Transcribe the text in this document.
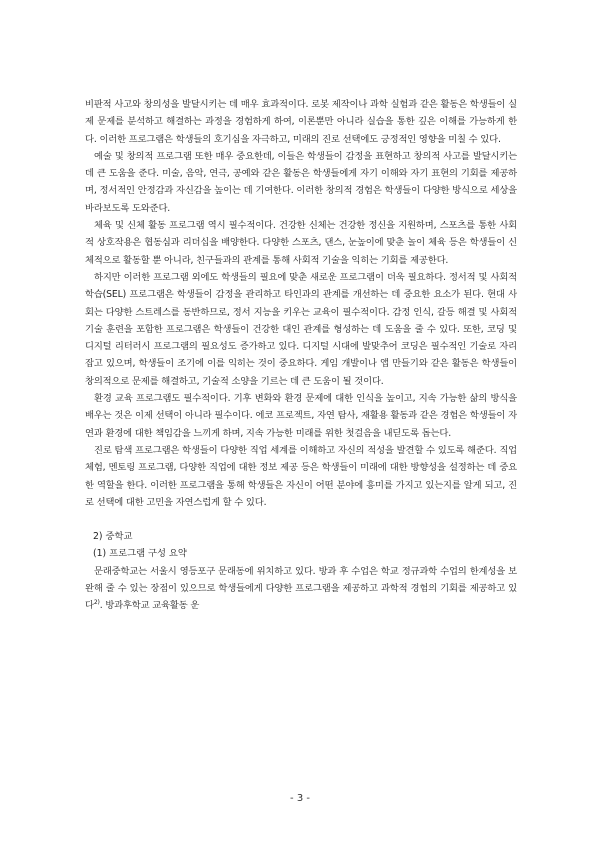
비판적 사고와 창의성을 발달시키는 데 매우 효과적이다. 로봇 제작이나 과학 실험과 같은 활동은 학생들이 실제 문제를 분석하고 해결하는 과정을 경험하게 하여, 이론뿐만 아니라 실습을 통한 깊은 이해를 가능하게 한다. 이러한 프로그램은 학생들의 호기심을 자극하고, 미래의 진로 선택에도 긍정적인 영향을 미칠 수 있다.

예술 및 창의적 프로그램 또한 매우 중요한데, 이들은 학생들이 감정을 표현하고 창의적 사고를 발달시키는 데 큰 도움을 준다. 미술, 음악, 연극, 공예와 같은 활동은 학생들에게 자기 이해와 자기 표현의 기회를 제공하며, 정서적인 안정감과 자신감을 높이는 데 기여한다. 이러한 창의적 경험은 학생들이 다양한 방식으로 세상을 바라보도록 도와준다.

체육 및 신체 활동 프로그램 역시 필수적이다. 건강한 신체는 건강한 정신을 지원하며, 스포츠를 통한 사회적 상호작용은 협동심과 리더십을 배양한다. 다양한 스포츠, 댄스, 눈높이에 맞춘 놀이 체육 등은 학생들이 신체적으로 활동할 뿐 아니라, 친구들과의 관계를 통해 사회적 기술을 익히는 기회를 제공한다.

하지만 이러한 프로그램 외에도 학생들의 필요에 맞춘 새로운 프로그램이 더욱 필요하다. 정서적 및 사회적 학습(SEL) 프로그램은 학생들이 감정을 관리하고 타인과의 관계를 개선하는 데 중요한 요소가 된다. 현대 사회는 다양한 스트레스를 동반하므로, 정서 지능을 키우는 교육이 필수적이다. 감정 인식, 갈등 해결 및 사회적 기술 훈련을 포함한 프로그램은 학생들이 건강한 대인 관계를 형성하는 데 도움을 줄 수 있다. 또한, 코딩 및 디지털 리터러시 프로그램의 필요성도 증가하고 있다. 디지털 시대에 발맞추어 코딩은 필수적인 기술로 자리 잡고 있으며, 학생들이 조기에 이를 익히는 것이 중요하다. 게임 개발이나 앱 만들기와 같은 활동은 학생들이 창의적으로 문제를 해결하고, 기술적 소양을 기르는 데 큰 도움이 될 것이다.

환경 교육 프로그램도 필수적이다. 기후 변화와 환경 문제에 대한 인식을 높이고, 지속 가능한 삶의 방식을 배우는 것은 이제 선택이 아니라 필수이다. 에코 프로젝트, 자연 탐사, 재활용 활동과 같은 경험은 학생들이 자연과 환경에 대한 책임감을 느끼게 하며, 지속 가능한 미래를 위한 첫걸음을 내딛도록 돕는다.

진로 탐색 프로그램은 학생들이 다양한 직업 세계를 이해하고 자신의 적성을 발견할 수 있도록 해준다. 직업 체험, 멘토링 프로그램, 다양한 직업에 대한 정보 제공 등은 학생들이 미래에 대한 방향성을 설정하는 데 중요한 역할을 한다. 이러한 프로그램을 통해 학생들은 자신이 어떤 분야에 흥미를 가지고 있는지를 알게 되고, 진로 선택에 대한 고민을 자연스럽게 할 수 있다.

2) 중학교

(1) 프로그램 구성 요약

문래중학교는 서울시 영등포구 문래동에 위치하고 있다. 방과 후 수업은 학교 정규과학 수업의 한계성을 보완해 줄 수 있는 장점이 있으므로 학생들에게 다양한 프로그램을 제공하고 과학적 경험의 기회를 제공하고 있다$^{2)}$. 방과후학교 교육활동 운

- 3 -
